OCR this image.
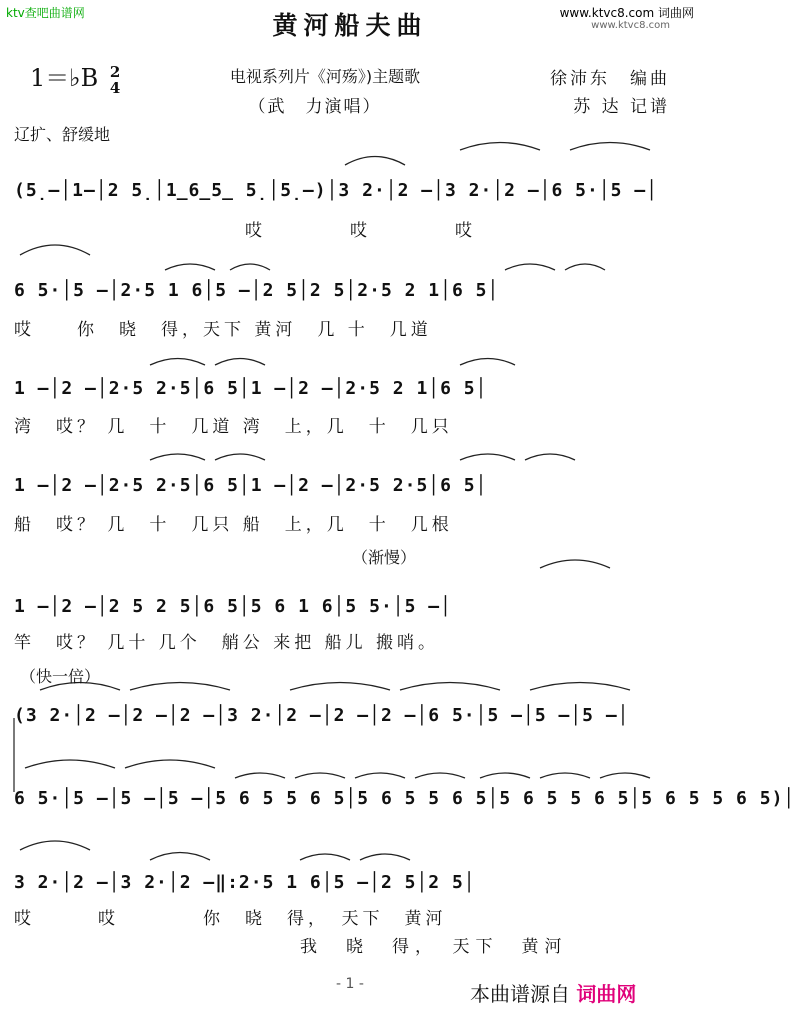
ktv查吧曲谱网	www.ktvc8.com 词曲网
www.ktvc8.com
黄河船夫曲
1＝♭B 2
4
电视系列片《河殇》)主题歌
（武　力演唱）
徐沛东　编曲
苏 达 记谱
辽扩、舒缓地
(5̣–│1–│2 5̣│1̲6̲5̲ 5̣│5̣–)│3 2·│2 –│3 2·│2 –│6 5·│5 –│
　　　　　　　　　　　哎　　　　哎　　　　哎
6 5·│5 –│2·5 1 6│5 –│2 5│2 5│2·5 2 1│6 5│
哎　　你　晓　得，天下 黄河　几 十　几道
1 –│2 –│2·5 2·5│6 5│1 –│2 –│2·5 2 1│6 5│
湾　哎？ 几　十　几道 湾　上，几　十　几只
1 –│2 –│2·5 2·5│6 5│1 –│2 –│2·5 2·5│6 5│
船　哎？ 几　十　几只 船　上，几　十　几根
（渐慢）
1 –│2 –│2 5 2 5│6 5│5 6 1 6│5 5·│5 –│
竿　哎？ 几十 几个　艄公 来把 船儿 搬哨。
（快一倍）
(3 2·│2 –│2 –│2 –│3 2·│2 –│2 –│2 –│6 5·│5 –│5 –│5 –│
6 5·│5 –│5 –│5 –│5 6 5 5 6 5│5 6 5 5 6 5│5 6 5 5 6 5│5 6 5 5 6 5)│
3 2·│2 –│3 2·│2 –‖:2·5 1 6│5 –│2 5│2 5│
哎　　　哎　　　　你　晓　得，　天下　黄河
我　晓　得，　天下　黄河
- 1 -	本曲谱源自 词曲网
